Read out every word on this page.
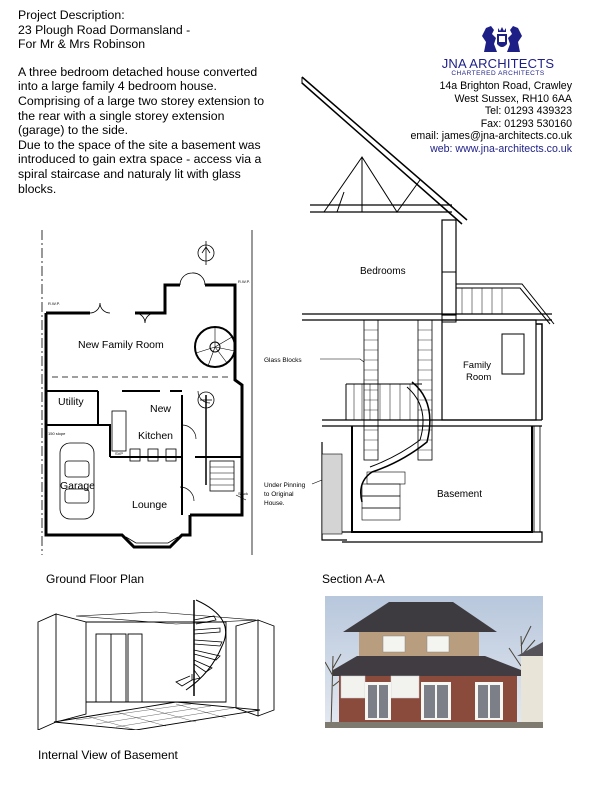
Project Description:

23 Plough Road Dormansland -

For Mr & Mrs Robinson

A three bedroom detached house converted into a large family 4 bedroom house. Comprising of a large two storey extension to the rear with a single storey extension (garage) to the side.

Due to the space of the site a basement was introduced to gain extra space - access via a spiral staircase and naturaly lit with glass blocks.

JNA ARCHITECTS
CHARTERED ARCHITECTS
14a Brighton Road, Crawley
West Sussex, RH10 6AA
Tel: 01293 439323
Fax: 01293 530160
email: james@jna-architects.co.uk
web: www.jna-architects.co.uk
New Family Room
Utility
New
Kitchen
Garage
Lounge
R.W.P.
R.W.P.
150 slope
SVP
Stack
Ground Floor Plan
Bedrooms
Family
Room
Basement
Glass Blocks
Under Pinning
to Original
House.
Section A-A
Internal View of Basement
